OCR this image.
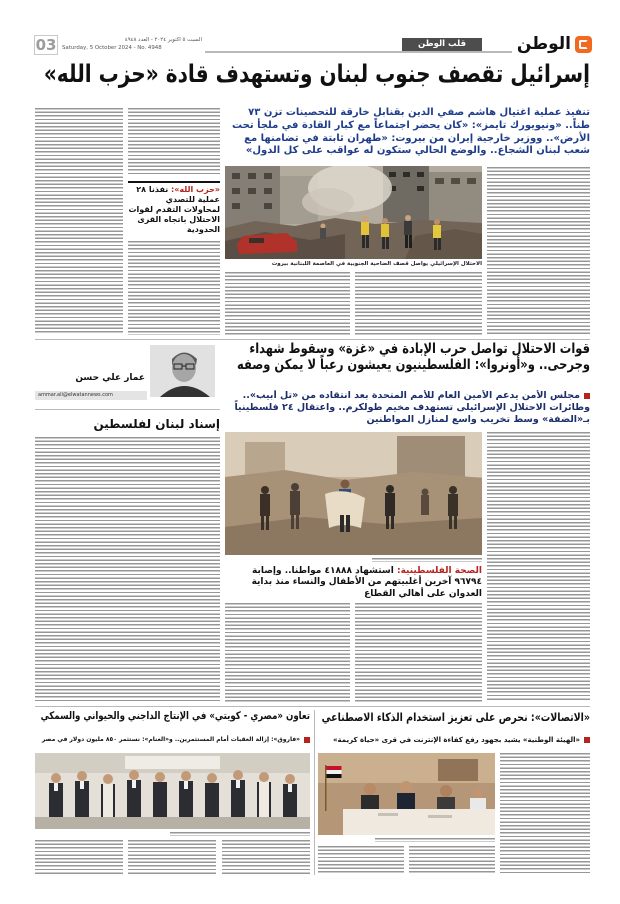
الوطن
قلب الوطن
03	السبت ٥ أكتوبر ٢٠٢٤ - العدد ٤٩٤٨
Saturday, 5 October 2024 - No. 4948
إسرائيل تقصف جنوب لبنان وتستهدف قادة «حزب الله»
تنفيذ عملية اغتيال هاشم صفي الدين بقنابل خارقة للتحصينات تزن ٧٣ طناً.. «ونيويورك تايمز»: «كان يحضر اجتماعاً مع كبار القادة في ملجأ تحت الأرض».. ووزير خارجية إيران من بيروت: «طهران ثابتة في تضامنها مع شعب لبنان الشجاع.. والوضع الحالي ستكون له عواقب على كل الدول»
«حزب الله»: نفذنا ٢٨ عملية للتصدي لمحاولات التقدم لقوات الاحتلال باتجاه القرى الحدودية
الاحتلال الإسرائيلي يواصل قصف الضاحية الجنوبية في العاصمة اللبنانية بيروت
قوات الاحتلال تواصل حرب الإبادة في «غزة» وسقوط شهداء وجرحى.. و«أونروا»: الفلسطينيون يعيشون رعباً لا يمكن وصفه
مجلس الأمن يدعم الأمين العام للأمم المتحدة بعد انتقاده من «تل أبيب».. وطائرات الاحتلال الإسرائيلى تستهدف مخيم طولكرم.. واعتقال ٢٤ فلسطينياً بـ«الضفة» وسط تخريب واسع لمنازل المواطنين
الصحة الفلسطينية: استشهاد ٤١٨٨٨ مواطناً.. وإصابة ٩٦٧٩٤ آخرين أغلبيتهم من الأطفال والنساء منذ بداية العدوان على أهالي القطاع
عمار علي حسن
ammar.ali@elwatannews.com
إسناد لبنان لفلسطين
«الاتصالات»: نحرص على تعزيز استخدام الذكاء الاصطناعي
«الهيئة الوطنية» يشيد بجهود رفع كفاءة الإنترنت في قرى «حياة كريمة»
تعاون «مصري - كويتي» في الإنتاج الداجني والحيواني والسمكي
«فاروق»: إزالة العقبات أمام المستثمرين.. و«الغنام»: نستثمر ٨٥٠ مليون دولار في مصر
